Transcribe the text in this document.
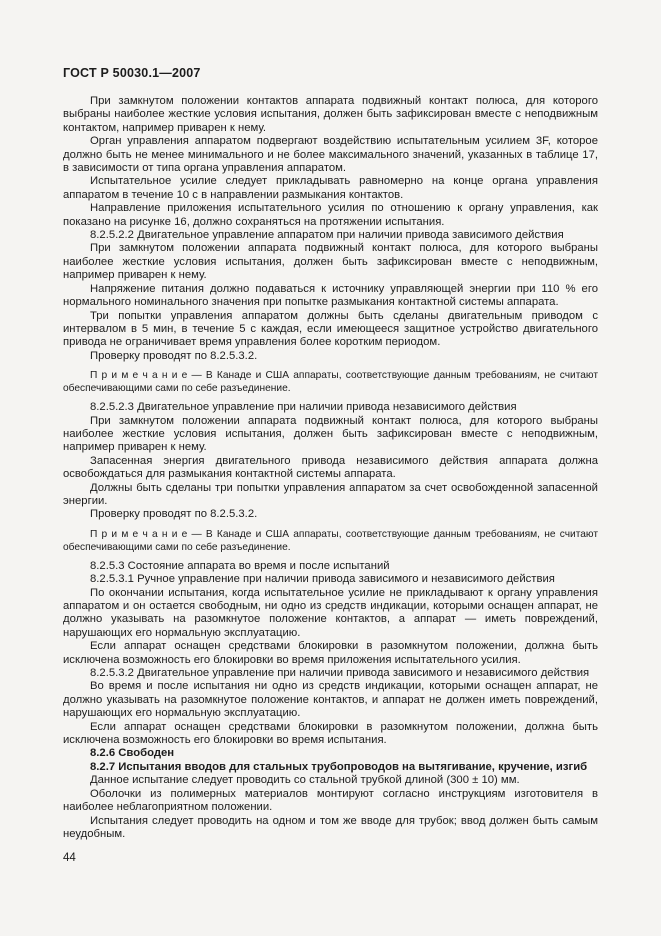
ГОСТ Р 50030.1—2007

При замкнутом положении контактов аппарата подвижный контакт полюса, для которого выбраны наиболее жесткие условия испытания, должен быть зафиксирован вместе с неподвижным контактом, например приварен к нему.

Орган управления аппаратом подвергают воздействию испытательным усилием 3F, которое должно быть не менее минимального и не более максимального значений, указанных в таблице 17, в зависимости от типа органа управления аппаратом.

Испытательное усилие следует прикладывать равномерно на конце органа управления аппаратом в течение 10 с в направлении размыкания контактов.

Направление приложения испытательного усилия по отношению к органу управления, как показано на рисунке 16, должно сохраняться на протяжении испытания.

8.2.5.2.2 Двигательное управление аппаратом при наличии привода зависимого действия

При замкнутом положении аппарата подвижный контакт полюса, для которого выбраны наиболее жесткие условия испытания, должен быть зафиксирован вместе с неподвижным, например приварен к нему.

Напряжение питания должно подаваться к источнику управляющей энергии при 110 % его нормального номинального значения при попытке размыкания контактной системы аппарата.

Три попытки управления аппаратом должны быть сделаны двигательным приводом с интервалом в 5 мин, в течение 5 с каждая, если имеющееся защитное устройство двигательного привода не ограничивает время управления более коротким периодом.

Проверку проводят по 8.2.5.3.2.

П р и м е ч а н и е — В Канаде и США аппараты, соответствующие данным требованиям, не считают обеспечивающими сами по себе разъединение.

8.2.5.2.3 Двигательное управление при наличии привода независимого действия

При замкнутом положении аппарата подвижный контакт полюса, для которого выбраны наиболее жесткие условия испытания, должен быть зафиксирован вместе с неподвижным, например приварен к нему.

Запасенная энергия двигательного привода независимого действия аппарата должна освобождаться для размыкания контактной системы аппарата.

Должны быть сделаны три попытки управления аппаратом за счет освобожденной запасенной энергии.

Проверку проводят по 8.2.5.3.2.

П р и м е ч а н и е — В Канаде и США аппараты, соответствующие данным требованиям, не считают обеспечивающими сами по себе разъединение.

8.2.5.3 Состояние аппарата во время и после испытаний

8.2.5.3.1 Ручное управление при наличии привода зависимого и независимого действия

По окончании испытания, когда испытательное усилие не прикладывают к органу управления аппаратом и он остается свободным, ни одно из средств индикации, которыми оснащен аппарат, не должно указывать на разомкнутое положение контактов, а аппарат — иметь повреждений, нарушающих его нормальную эксплуатацию.

Если аппарат оснащен средствами блокировки в разомкнутом положении, должна быть исключена возможность его блокировки во время приложения испытательного усилия.

8.2.5.3.2 Двигательное управление при наличии привода зависимого и независимого действия

Во время и после испытания ни одно из средств индикации, которыми оснащен аппарат, не должно указывать на разомкнутое положение контактов, и аппарат не должен иметь повреждений, нарушающих его нормальную эксплуатацию.

Если аппарат оснащен средствами блокировки в разомкнутом положении, должна быть исключена возможность его блокировки во время испытания.

8.2.6 Свободен

8.2.7 Испытания вводов для стальных трубопроводов на вытягивание, кручение, изгиб

Данное испытание следует проводить со стальной трубкой длиной (300 ± 10) мм.

Оболочки из полимерных материалов монтируют согласно инструкциям изготовителя в наиболее неблагоприятном положении.

Испытания следует проводить на одном и том же вводе для трубок; ввод должен быть самым неудобным.

44
